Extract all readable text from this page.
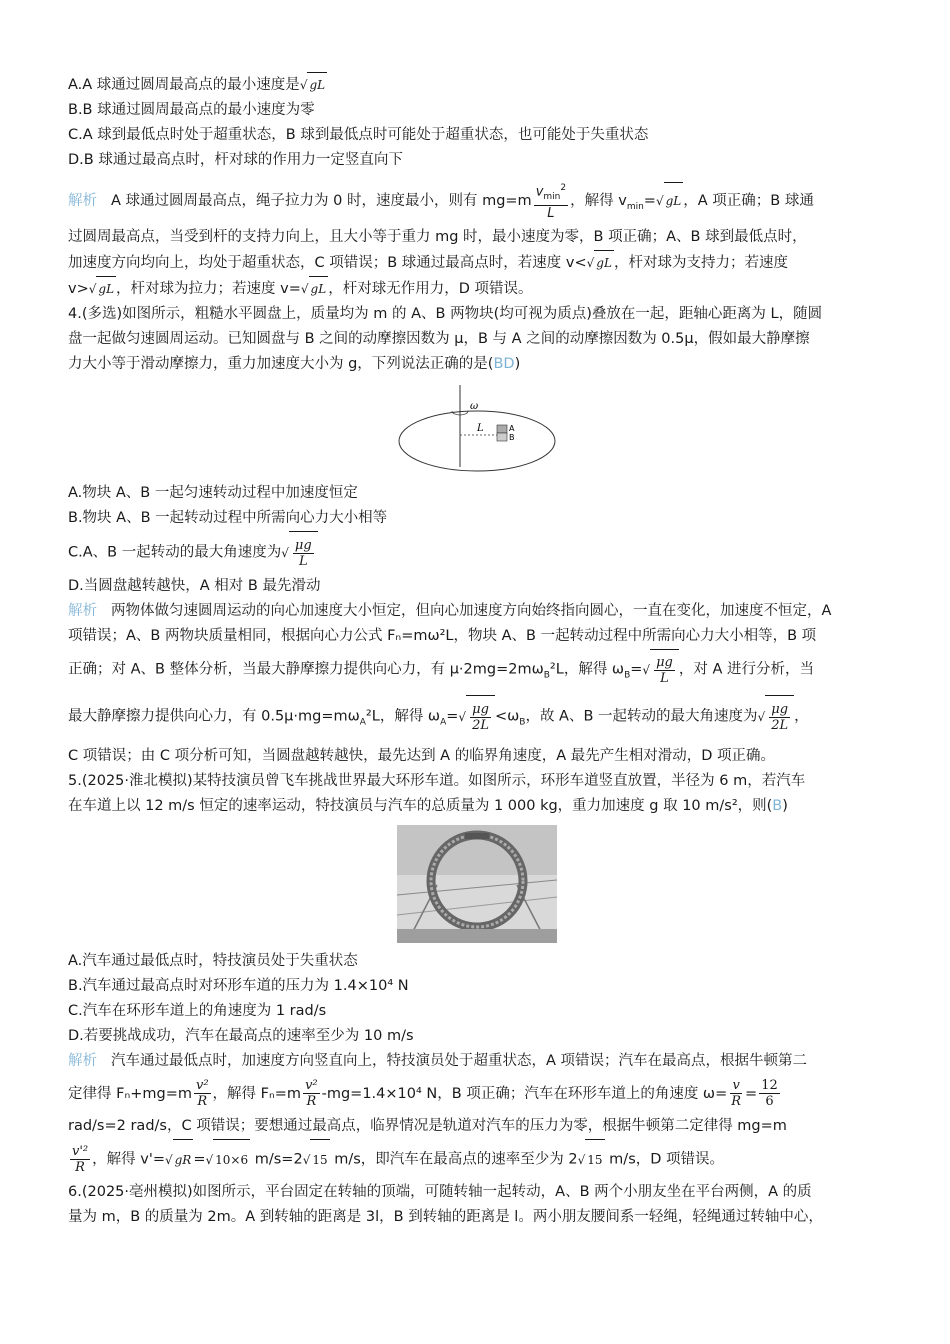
A.A 球通过圆周最高点的最小速度是√ gL
B.B 球通过圆周最高点的最小速度为零
C.A 球到最低点时处于超重状态，B 球到最低点时可能处于超重状态，也可能处于失重状态
D.B 球通过最高点时，杆对球的作用力一定竖直向下
解析 A 球通过圆周最高点，绳子拉力为 0 时，速度最小，则有 $mg=m \frac{v_{min}^2}{L}$ ，解得 $v_{min}=√$ gL ，A 项正确；B 球通
过圆周最高点，当受到杆的支持力向上，且大小等于重力 mg 时，最小速度为零，B 项正确；A、B 球到最低点时，
加速度方向均向上，均处于超重状态，C 项错误；B 球通过最高点时，若速度 v<√ gL ，杆对球为支持力；若速度
v>√ gL ，杆对球为拉力；若速度 v=√ gL ，杆对球无作用力，D 项错误。
4.(多选)如图所示，粗糙水平圆盘上，质量均为 m 的 A、B 两物块(均可视为质点)叠放在一起，距轴心距离为 L，随圆
盘一起做匀速圆周运动。已知圆盘与 B 之间的动摩擦因数为 μ，B 与 A 之间的动摩擦因数为 0.5μ，假如最大静摩擦
力大小等于滑动摩擦力，重力加速度大小为 g，下列说法正确的是(BD)
ω
L	A
B
A.物块 A、B 一起匀速转动过程中加速度恒定
B.物块 A、B 一起转动过程中所需向心力大小相等
C.A、B 一起转动的最大角速度为√ $\frac{\mu g}{L}$
D.当圆盘越转越快，A 相对 B 最先滑动
解析 两物体做匀速圆周运动的向心加速度大小恒定，但向心加速度方向始终指向圆心，一直在变化，加速度不恒定，A
项错误；A、B 两物块质量相同，根据向心力公式 Fₙ=mω²L，物块 A、B 一起转动过程中所需向心力大小相等，B 项
正确；对 A、B 整体分析，当最大静摩擦力提供向心力，有 $\mu\cdot 2mg=2m\omega_B^2L$，解得 $\omega_B=√ \frac{\mu g}{L}$ ，对 A 进行分析，当
最大静摩擦力提供向心力，有 $0.5\mu\cdot mg=m\omega_A^2L$，解得 $\omega_A=√ \frac{\mu g}{2L} <\omega_B$，故 A、B 一起转动的最大角速度为√ $\frac{\mu g}{2L}$ ，
C 项错误；由 C 项分析可知，当圆盘越转越快，最先达到 A 的临界角速度，A 最先产生相对滑动，D 项正确。
5.(2025·淮北模拟)某特技演员曾飞车挑战世界最大环形车道。如图所示，环形车道竖直放置，半径为 6 m，若汽车
在车道上以 12 m/s 恒定的速率运动，特技演员与汽车的总质量为 1 000 kg，重力加速度 g 取 10 m/s²，则(B)
A.汽车通过最低点时，特技演员处于失重状态
B.汽车通过最高点时对环形车道的压力为 1.4×10⁴ N
C.汽车在环形车道上的角速度为 1 rad/s
D.若要挑战成功，汽车在最高点的速率至少为 10 m/s
解析 汽车通过最低点时，加速度方向竖直向上，特技演员处于超重状态，A 项错误；汽车在最高点，根据牛顿第二
定律得 $F_n+mg=m \frac{\text{v²}}{R}$ ，解得 $F_n=m \frac{\text{v²}}{R} -mg=1.4\times 10^4$ N，B 项正确；汽车在环形车道上的角速度 $\omega= \frac{v}{R} = \frac{12}{6}$
rad/s=2 rad/s，C 项错误；要想通过最高点，临界情况是轨道对汽车的压力为零，根据牛顿第二定律得 mg=m
$\frac{\text{v'²}}{R}$ ，解得 v'=√ gR =√ 10×6 m/s=2√ 15 m/s，即汽车在最高点的速率至少为 2√ 15 m/s，D 项错误。
6.(2025·亳州模拟)如图所示，平台固定在转轴的顶端，可随转轴一起转动，A、B 两个小朋友坐在平台两侧，A 的质
量为 m，B 的质量为 2m。A 到转轴的距离是 3l，B 到转轴的距离是 l。两小朋友腰间系一轻绳，轻绳通过转轴中心，
